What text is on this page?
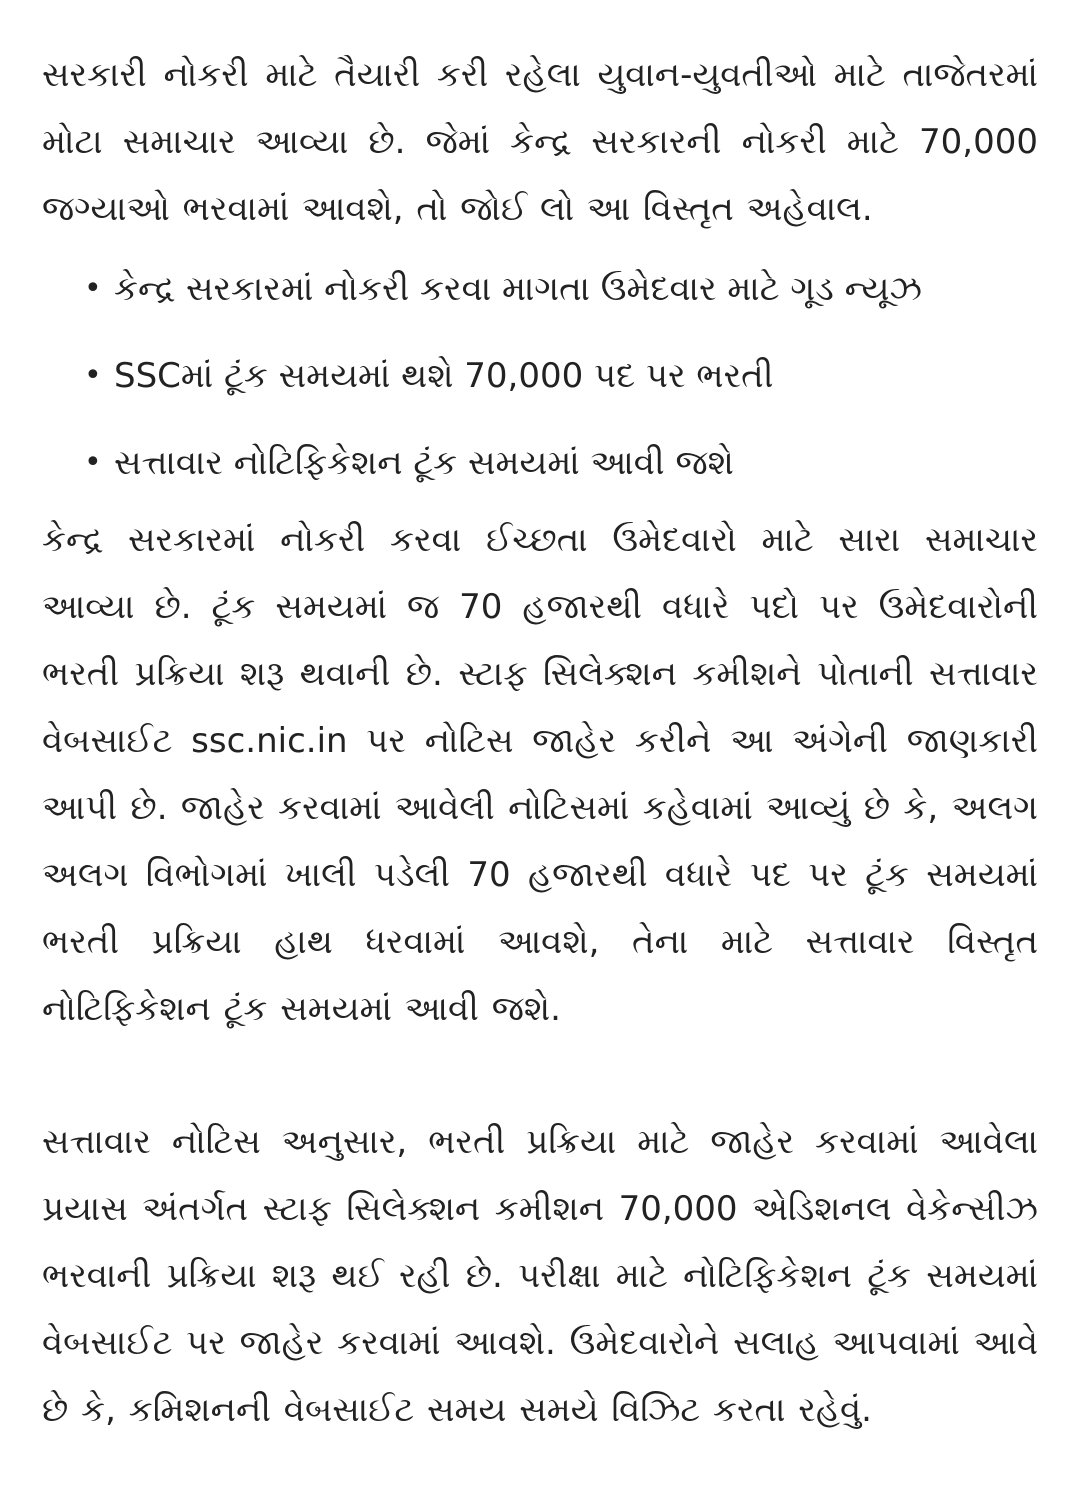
સરકારી નોકરી માટે તૈયારી કરી રહેલા યુવાન-યુવતીઓ માટે તાજેતરમાં મોટા સમાચાર આવ્યા છે. જેમાં કેન્દ્ર સરકારની નોકરી માટે 70,000 જગ્યાઓ ભરવામાં આવશે, તો જોઈ લો આ વિસ્તૃત અહેવાલ.

• કેન્દ્ર સરકારમાં નોકરી કરવા માગતા ઉમેદવાર માટે ગૂડ ન્યૂઝ
• SSCમાં ટૂંક સમયમાં થશે 70,000 પદ પર ભરતી
• સત્તાવાર નોટિફિકેશન ટૂંક સમયમાં આવી જશે

કેન્દ્ર સરકારમાં નોકરી કરવા ઈચ્છતા ઉમેદવારો માટે સારા સમાચાર આવ્યા છે. ટૂંક સમયમાં જ 70 હજારથી વધારે પદો પર ઉમેદવારોની ભરતી પ્રક્રિયા શરૂ થવાની છે. સ્ટાફ સિલેક્શન કમીશને પોતાની સત્તાવાર વેબસાઈટ ssc.nic.in પર નોટિસ જાહેર કરીને આ અંગેની જાણકારી આપી છે. જાહેર કરવામાં આવેલી નોટિસમાં કહેવામાં આવ્યું છે કે, અલગ અલગ વિભોગમાં ખાલી પડેલી 70 હજારથી વધારે પદ પર ટૂંક સમયમાં ભરતી પ્રક્રિયા હાથ ધરવામાં આવશે, તેના માટે સત્તાવાર વિસ્તૃત નોટિફિકેશન ટૂંક સમયમાં આવી જશે.

સત્તાવાર નોટિસ અનુસાર, ભરતી પ્રક્રિયા માટે જાહેર કરવામાં આવેલા પ્રયાસ અંતર્ગત સ્ટાફ સિલેક્શન કમીશન 70,000 એડિશનલ વેકેન્સીઝ ભરવાની પ્રક્રિયા શરૂ થઈ રહી છે. પરીક્ષા માટે નોટિફિકેશન ટૂંક સમયમાં વેબસાઈટ પર જાહેર કરવામાં આવશે. ઉમેદવારોને સલાહ આપવામાં આવે છે કે, કમિશનની વેબસાઈટ સમય સમયે વિઝિટ કરતા રહેવું.
